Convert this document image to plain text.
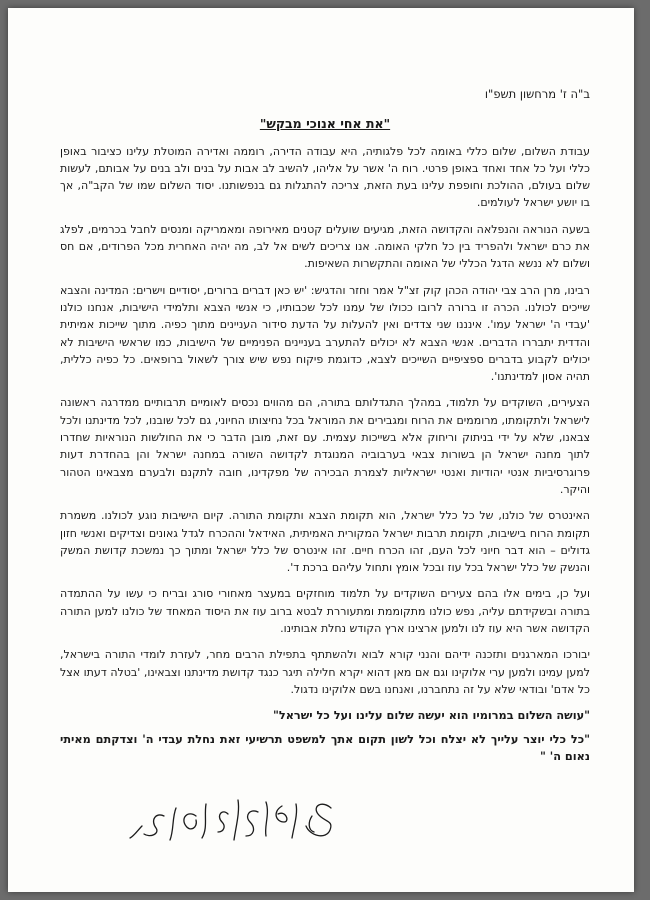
ב"ה ז' מרחשון תשפ"ו

"את אחי אנוכי מבקש"

עבודת השלום, שלום כללי באומה לכל פלגותיה, היא עבודה הדירה, רוממה ואדירה המוטלת עלינו כציבור באופן כללי ועל כל אחד ואחד באופן פרטי. רוח ה' אשר על אליהו, להשיב לב אבות על בנים ולב בנים על אבותם, לעשות שלום בעולם, ההולכת וחופפת עלינו בעת הזאת, צריכה להתגלות גם בנפשותנו. יסוד השלום שמו של הקב"ה, אך בו יושע ישראל לעולמים.

בשעה הנוראה והנפלאה והקדושה הזאת, מגיעים שועלים קטנים מאירופה ומאמריקה ומנסים לחבל בכרמים, לפלג את כרם ישראל ולהפריד בין כל חלקי האומה. אנו צריכים לשים אל לב, מה יהיה האחרית מכל הפרודים, אם חס ושלום לא ננשא הדגל הכללי של האומה והתקשרות השאיפות.

רבינו, מרן הרב צבי יהודה הכהן קוק זצ"ל אמר וחזר והדגיש: 'יש כאן דברים ברורים, יסודיים וישרים: המדינה והצבא שייכים לכולנו. הכרה זו ברורה לרובו ככולו של עמנו לכל שכבותיו, כי אנשי הצבא ותלמידי הישיבות, אנחנו כולנו 'עבדי ה' ישראל עמו'. אינננו שני צדדים ואין להעלות על הדעת סידור העניינים מתוך כפיה. מתוך שייכות אמיתית והדדית יתבררו הדברים. אנשי הצבא לא יכולים להתערב בעניינים הפנימיים של הישיבות, כמו שראשי הישיבות לא יכולים לקבוע בדברים ספציפיים השייכים לצבא, כדוגמת פיקוח נפש שיש צורך לשאול ברופאים. כל כפיה כללית, תהיה אסון למדינתנו'.

הצעירים, השוקדים על תלמוד, במהלך התגדלותם בתורה, הם מהווים נכסים לאומיים תרבותיים ממדרגה ראשונה לישראל ולתקומתו, מרוממים את הרוח ומגבירים את המוראל בכל נחיצותו החיוני, גם לכל שובנו, לכל מדינתנו ולכל צבאנו, שלא על ידי בניתוק וריחוק אלא בשייכות עצמית. עם זאת, מובן הדבר כי את החולשות הנוראיות שחדרו לתוך מחנה ישראל הן בשורות צבאי בערבוביה המנוגדת לקדושה השורה במחנה ישראל והן בהחדרת דעות פרוגרסיביות אנטי יהודיות ואנטי ישראליות לצמרת הבכירה של מפקדינו, חובה לתקנם ולבערם מצבאינו הטהור והיקר.

האינטרס של כולנו, של כל כלל ישראל, הוא תקומת הצבא ותקומת התורה. קיום הישיבות נוגע לכולנו. משמרת תקומת הרוח בישיבות, תקומת תרבות ישראל המקורית האמיתית, האידאל וההכרח לגדל גאונים וצדיקים ואנשי חזון גדולים – הוא דבר חיוני לכל העם, זהו הכרח חיים. זהו אינטרס של כלל ישראל ומתוך כך נמשכת קדושת המשק והנשק של כלל ישראל בכל עוז ובכל אומץ ותחול עליהם ברכת ד'.

ועל כן, בימים אלו בהם צעירים השוקדים על תלמוד מוחזקים במעצר מאחורי סורג ובריח כי עשו על ההתמדה בתורה ובשקידתם עליה, נפש כולנו מתקוממת ומתעוררת לבטא ברוב עוז את היסוד המאחד של כולנו למען התורה הקדושה אשר היא עוז לנו ולמען ארצינו ארץ הקודש נחלת אבותינו.

יבורכו המארגנים ותזכנה ידיהם והנני קורא לבוא ולהשתתף בתפילת הרבים מחר, לעזרת לומדי התורה בישראל, למען עמינו ולמען ערי אלוקינו וגם אם מאן דהוא יקרא חלילה תיגר כנגד קדושת מדינתנו וצבאינו, 'בטלה דעתו אצל כל אדם' ובודאי שלא על זה נתחברנו, ואנחנו בשם אלוקינו נדגול.

"עושה השלום במרומיו הוא יעשה שלום עלינו ועל כל ישראל"

"כל כלי יוצר עלייך לא יצלח וכל לשון תקום אתך למשפט תרשיעי זאת נחלת עבדי ה' וצדקתם מאיתי נאום ה' "
